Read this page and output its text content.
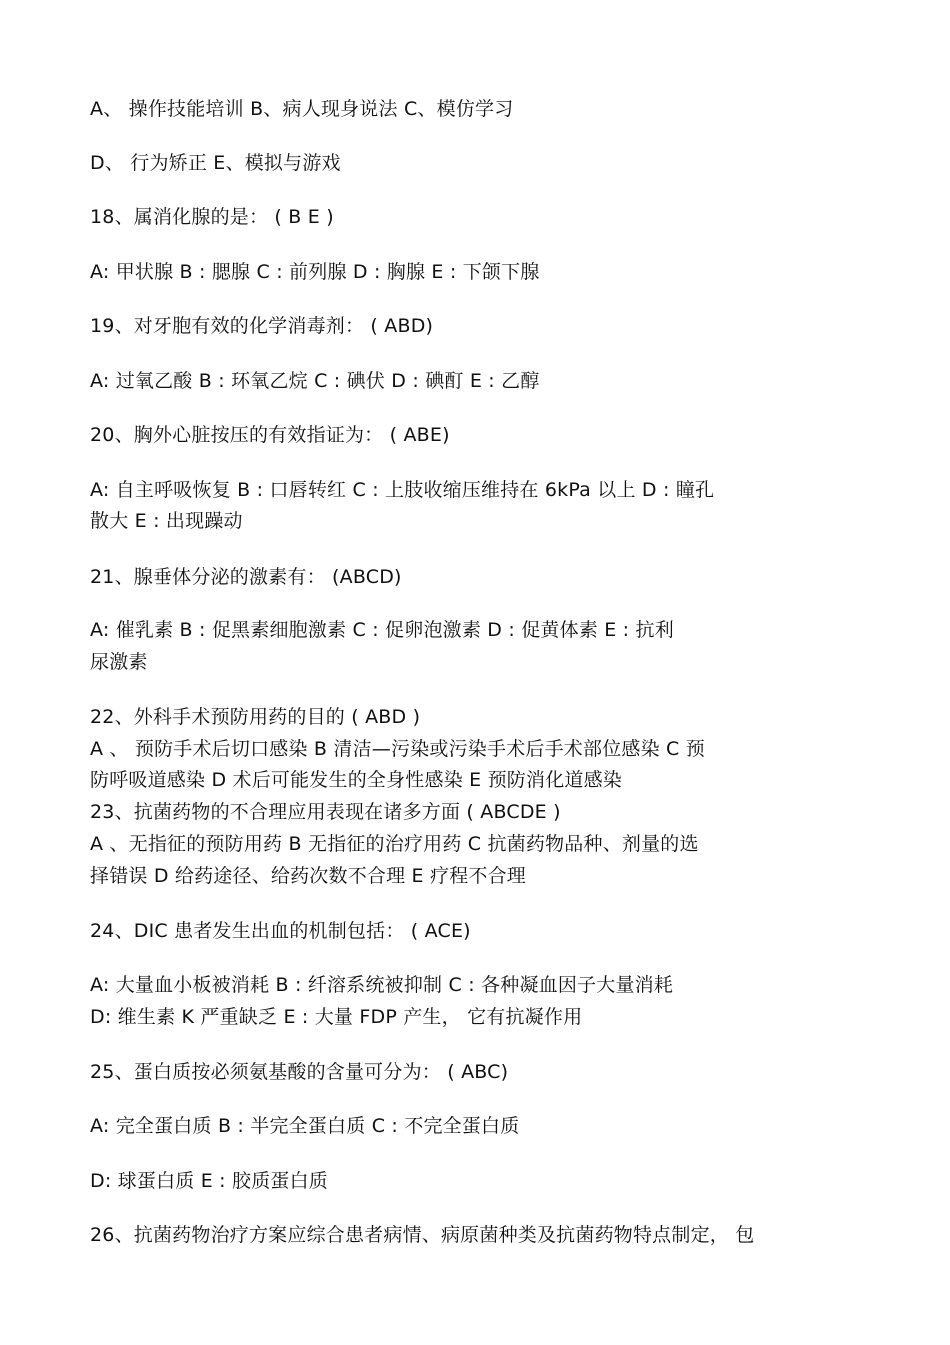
A、 操作技能培训 B、病人现身说法 C、模仿学习
D、 行为矫正 E、模拟与游戏
18、属消化腺的是： ( B E )
A: 甲状腺 B : 腮腺 C : 前列腺 D : 胸腺 E : 下颌下腺
19、对牙胞有效的化学消毒剂： ( ABD)
A: 过氧乙酸 B : 环氧乙烷 C : 碘伏 D : 碘酊 E : 乙醇
20、胸外心脏按压的有效指证为： ( ABE)
A: 自主呼吸恢复 B : 口唇转红 C : 上肢收缩压维持在 6kPa 以上 D : 瞳孔
散大 E : 出现躁动
21、腺垂体分泌的激素有： (ABCD)
A: 催乳素 B : 促黑素细胞激素 C : 促卵泡激素 D : 促黄体素 E : 抗利
尿激素
22、外科手术预防用药的目的 ( ABD )
A 、 预防手术后切口感染 B 清洁—污染或污染手术后手术部位感染 C 预
防呼吸道感染 D 术后可能发生的全身性感染 E 预防消化道感染
23、抗菌药物的不合理应用表现在诸多方面 ( ABCDE )
A 、无指征的预防用药 B 无指征的治疗用药 C 抗菌药物品种、剂量的选
择错误 D 给药途径、给药次数不合理 E 疗程不合理
24、DIC 患者发生出血的机制包括： ( ACE)
A: 大量血小板被消耗 B : 纤溶系统被抑制 C : 各种凝血因子大量消耗
D: 维生素 K 严重缺乏 E : 大量 FDP 产生， 它有抗凝作用
25、蛋白质按必须氨基酸的含量可分为： ( ABC)
A: 完全蛋白质 B : 半完全蛋白质 C : 不完全蛋白质
D: 球蛋白质 E : 胶质蛋白质
26、抗菌药物治疗方案应综合患者病情、病原菌种类及抗菌药物特点制定， 包
